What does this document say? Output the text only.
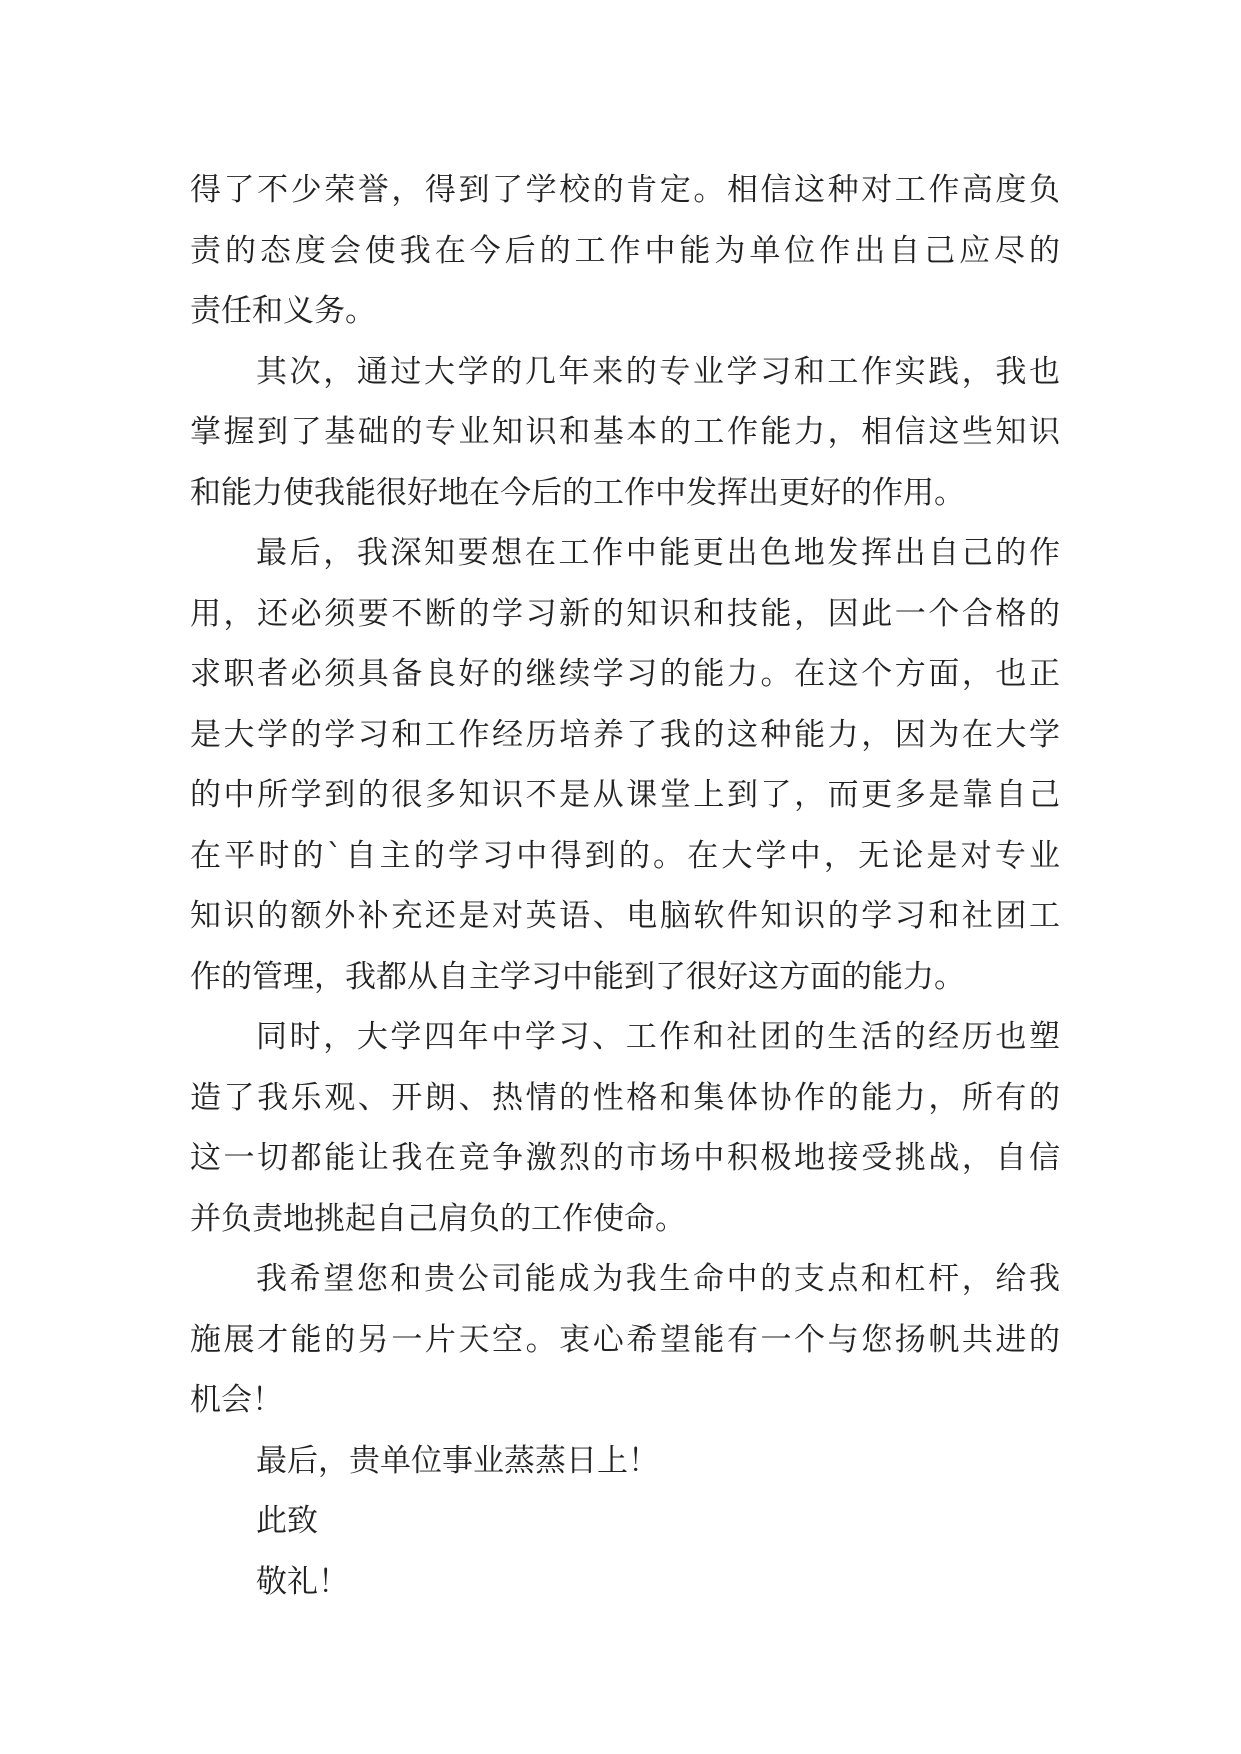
得了不少荣誉，得到了学校的肯定。相信这种对工作高度负
责的态度会使我在今后的工作中能为单位作出自己应尽的
责任和义务。
其次，通过大学的几年来的专业学习和工作实践，我也
掌握到了基础的专业知识和基本的工作能力，相信这些知识
和能力使我能很好地在今后的工作中发挥出更好的作用。
最后，我深知要想在工作中能更出色地发挥出自己的作
用，还必须要不断的学习新的知识和技能，因此一个合格的
求职者必须具备良好的继续学习的能力。在这个方面，也正
是大学的学习和工作经历培养了我的这种能力，因为在大学
的中所学到的很多知识不是从课堂上到了，而更多是靠自己
在平时的`自主的学习中得到的。在大学中，无论是对专业
知识的额外补充还是对英语、电脑软件知识的学习和社团工
作的管理，我都从自主学习中能到了很好这方面的能力。
同时，大学四年中学习、工作和社团的生活的经历也塑
造了我乐观、开朗、热情的性格和集体协作的能力，所有的
这一切都能让我在竞争激烈的市场中积极地接受挑战，自信
并负责地挑起自己肩负的工作使命。
我希望您和贵公司能成为我生命中的支点和杠杆，给我
施展才能的另一片天空。衷心希望能有一个与您扬帆共进的
机会！
最后，贵单位事业蒸蒸日上！
此致
敬礼！
